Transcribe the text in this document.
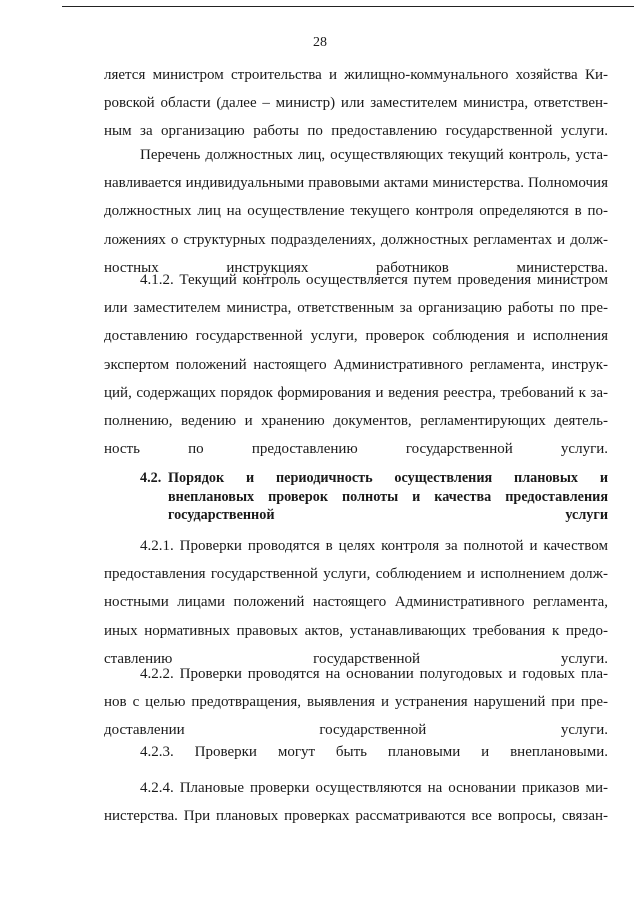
28
ляется министром строительства и жилищно-коммунального хозяйства Ки-
ровской области (далее – министр) или заместителем министра, ответствен-
ным за организацию работы по предоставлению государственной услуги.
Перечень должностных лиц, осуществляющих текущий контроль, уста-
навливается индивидуальными правовыми актами министерства. Полномочия
должностных лиц на осуществление текущего контроля определяются в по-
ложениях о структурных подразделениях, должностных регламентах и долж-
ностных инструкциях работников министерства.
4.1.2. Текущий контроль осуществляется путем проведения министром
или заместителем министра, ответственным за организацию работы по пре-
доставлению государственной услуги, проверок соблюдения и исполнения
экспертом положений настоящего Административного регламента, инструк-
ций, содержащих порядок формирования и ведения реестра, требований к за-
полнению, ведению и хранению документов, регламентирующих деятель-
ность по предоставлению государственной услуги.
4.2. Порядок и периодичность осуществления плановых и
внеплановых проверок полноты и качества предоставления
государственной услуги
4.2.1. Проверки проводятся в целях контроля за полнотой и качеством
предоставления государственной услуги, соблюдением и исполнением долж-
ностными лицами положений настоящего Административного регламента,
иных нормативных правовых актов, устанавливающих требования к предо-
ставлению государственной услуги.
4.2.2. Проверки проводятся на основании полугодовых и годовых пла-
нов с целью предотвращения, выявления и устранения нарушений при пре-
доставлении государственной услуги.
4.2.3. Проверки могут быть плановыми и внеплановыми.
4.2.4. Плановые проверки осуществляются на основании приказов ми-
нистерства. При плановых проверках рассматриваются все вопросы, связан-
